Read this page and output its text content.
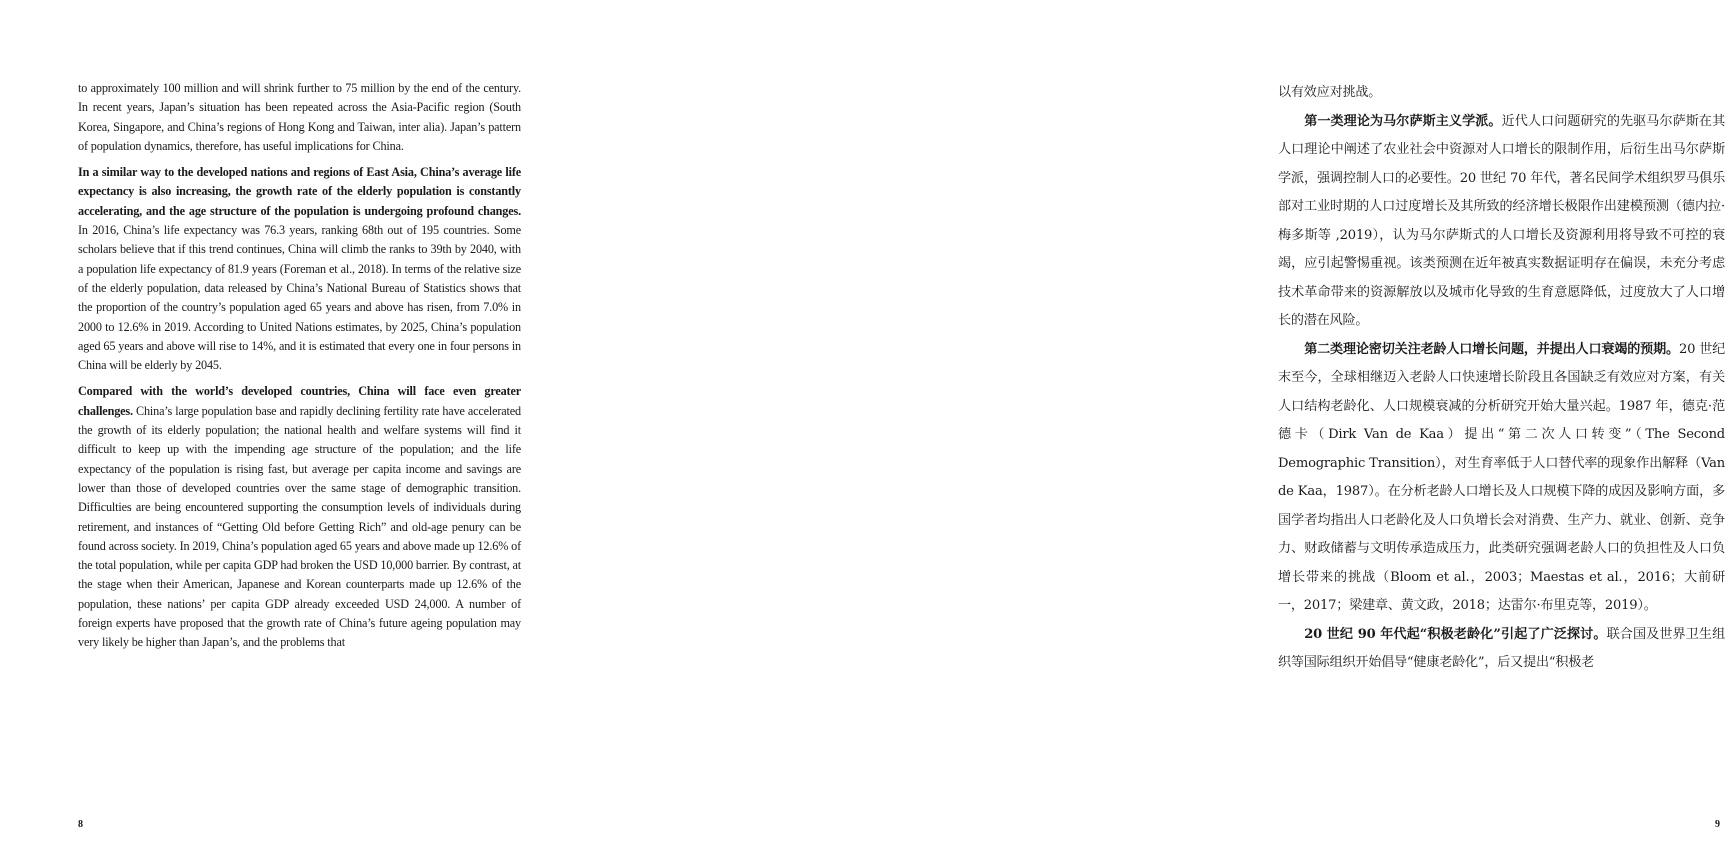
to approximately 100 million and will shrink further to 75 million by the end of the century. In recent years, Japan’s situation has been repeated across the Asia-Pacific region (South Korea, Singapore, and China’s regions of Hong Kong and Taiwan, inter alia). Japan’s pattern of population dynamics, therefore, has useful implications for China.

In a similar way to the developed nations and regions of East Asia, China’s average life expectancy is also increasing, the growth rate of the elderly population is constantly accelerating, and the age structure of the population is undergoing profound changes. In 2016, China’s life expectancy was 76.3 years, ranking 68th out of 195 countries. Some scholars believe that if this trend continues, China will climb the ranks to 39th by 2040, with a population life expectancy of 81.9 years (Foreman et al., 2018). In terms of the relative size of the elderly population, data released by China’s National Bureau of Statistics shows that the proportion of the country’s population aged 65 years and above has risen, from 7.0% in 2000 to 12.6% in 2019. According to United Nations estimates, by 2025, China’s population aged 65 years and above will rise to 14%, and it is estimated that every one in four persons in China will be elderly by 2045.

Compared with the world’s developed countries, China will face even greater challenges. China’s large population base and rapidly declining fertility rate have accelerated the growth of its elderly population; the national health and welfare systems will find it difficult to keep up with the impending age structure of the population; and the life expectancy of the population is rising fast, but average per capita income and savings are lower than those of developed countries over the same stage of demographic transition. Difficulties are being encountered supporting the consumption levels of individuals during retirement, and instances of “Getting Old before Getting Rich” and old-age penury can be found across society. In 2019, China’s population aged 65 years and above made up 12.6% of the total population, while per capita GDP had broken the USD 10,000 barrier. By contrast, at the stage when their American, Japanese and Korean counterparts made up 12.6% of the population, these nations’ per capita GDP already exceeded USD 24,000. A number of foreign experts have proposed that the growth rate of China’s future ageing population may very likely be higher than Japan’s, and the problems that

8

以有效应对挑战。

第一类理论为马尔萨斯主义学派。近代人口问题研究的先驱马尔萨斯在其人口理论中阐述了农业社会中资源对人口增长的限制作用，后衍生出马尔萨斯学派，强调控制人口的必要性。20 世纪 70 年代，著名民间学术组织罗马俱乐部对工业时期的人口过度增长及其所致的经济增长极限作出建模预测（德内拉·梅多斯等 ,2019），认为马尔萨斯式的人口增长及资源利用将导致不可控的衰竭，应引起警惕重视。该类预测在近年被真实数据证明存在偏误，未充分考虑技术革命带来的资源解放以及城市化导致的生育意愿降低，过度放大了人口增长的潜在风险。

第二类理论密切关注老龄人口增长问题，并提出人口衰竭的预期。20 世纪末至今，全球相继迈入老龄人口快速增长阶段且各国缺乏有效应对方案，有关人口结构老龄化、人口规模衰减的分析研究开始大量兴起。1987 年，德克·范德卡（Dirk Van de Kaa）提出“第二次人口转变”（The Second Demographic Transition），对生育率低于人口替代率的现象作出解释（Van de Kaa，1987）。在分析老龄人口增长及人口规模下降的成因及影响方面，多国学者均指出人口老龄化及人口负增长会对消费、生产力、就业、创新、竞争力、财政储蓄与文明传承造成压力，此类研究强调老龄人口的负担性及人口负增长带来的挑战（Bloom et al.，2003；Maestas et al.，2016；大前研一，2017；梁建章、黄文政，2018；达雷尔·布里克等，2019）。

20 世纪 90 年代起“积极老龄化”引起了广泛探讨。联合国及世界卫生组织等国际组织开始倡导“健康老龄化”，后又提出“积极老

9
